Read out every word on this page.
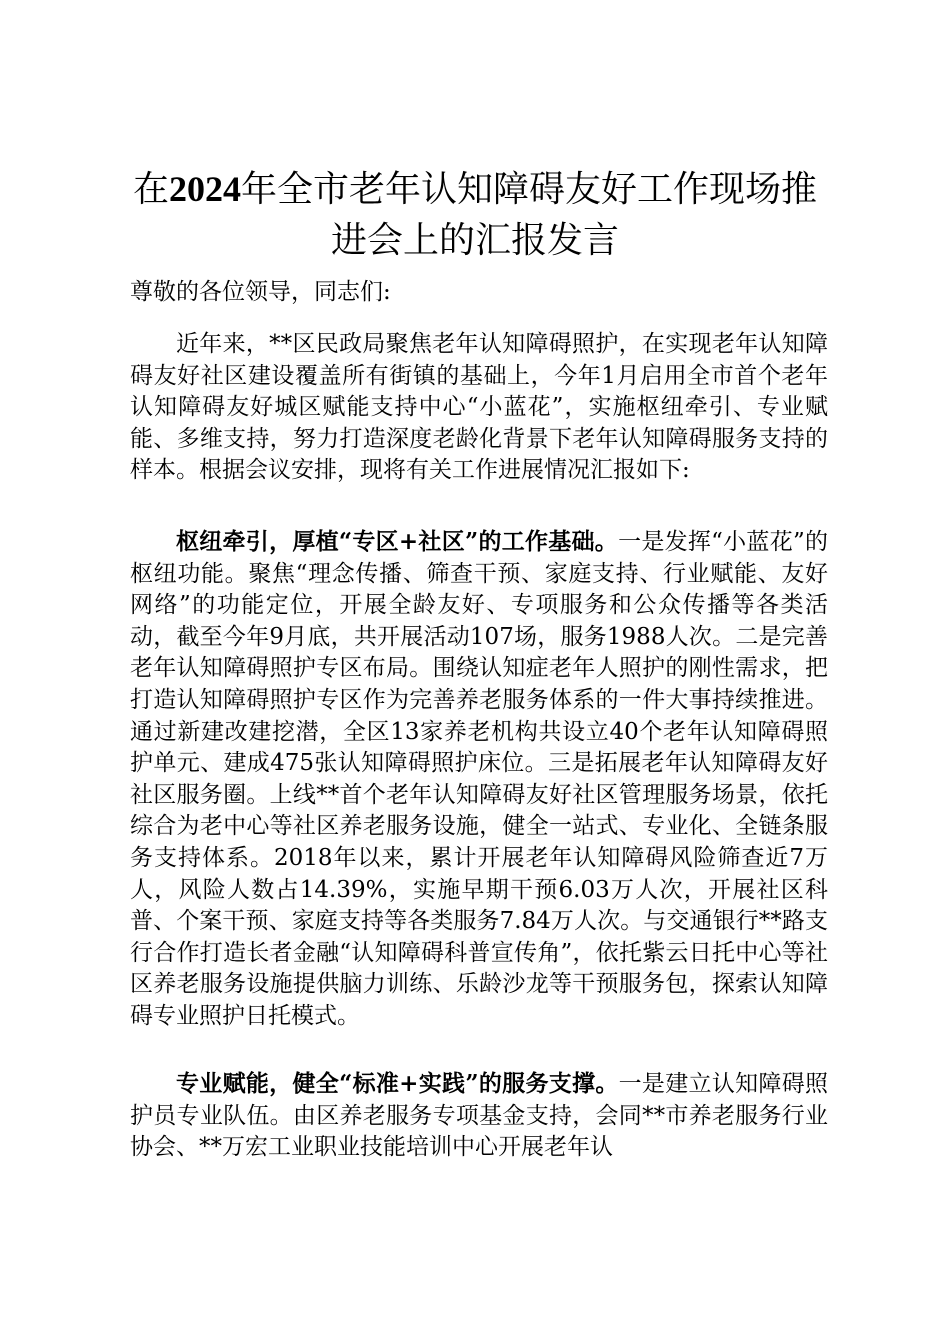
在2024年全市老年认知障碍友好工作现场推进会上的汇报发言

尊敬的各位领导，同志们:

近年来，**区民政局聚焦老年认知障碍照护，在实现老年认知障碍友好社区建设覆盖所有街镇的基础上，今年1月启用全市首个老年认知障碍友好城区赋能支持中心“小蓝花”，实施枢纽牵引、专业赋能、多维支持，努力打造深度老龄化背景下老年认知障碍服务支持的样本。根据会议安排，现将有关工作进展情况汇报如下:

枢纽牵引，厚植“专区+社区”的工作基础。一是发挥“小蓝花”的枢纽功能。聚焦“理念传播、筛查干预、家庭支持、行业赋能、友好网络”的功能定位，开展全龄友好、专项服务和公众传播等各类活动，截至今年9月底，共开展活动107场，服务1988人次。二是完善老年认知障碍照护专区布局。围绕认知症老年人照护的刚性需求，把打造认知障碍照护专区作为完善养老服务体系的一件大事持续推进。通过新建改建挖潜，全区13家养老机构共设立40个老年认知障碍照护单元、建成475张认知障碍照护床位。三是拓展老年认知障碍友好社区服务圈。上线**首个老年认知障碍友好社区管理服务场景，依托综合为老中心等社区养老服务设施，健全一站式、专业化、全链条服务支持体系。2018年以来，累计开展老年认知障碍风险筛查近7万人，风险人数占14.39%，实施早期干预6.03万人次，开展社区科普、个案干预、家庭支持等各类服务7.84万人次。与交通银行**路支行合作打造长者金融“认知障碍科普宣传角”，依托紫云日托中心等社区养老服务设施提供脑力训练、乐龄沙龙等干预服务包，探索认知障碍专业照护日托模式。

专业赋能，健全“标准+实践”的服务支撑。一是建立认知障碍照护员专业队伍。由区养老服务专项基金支持，会同**市养老服务行业协会、**万宏工业职业技能培训中心开展老年认
